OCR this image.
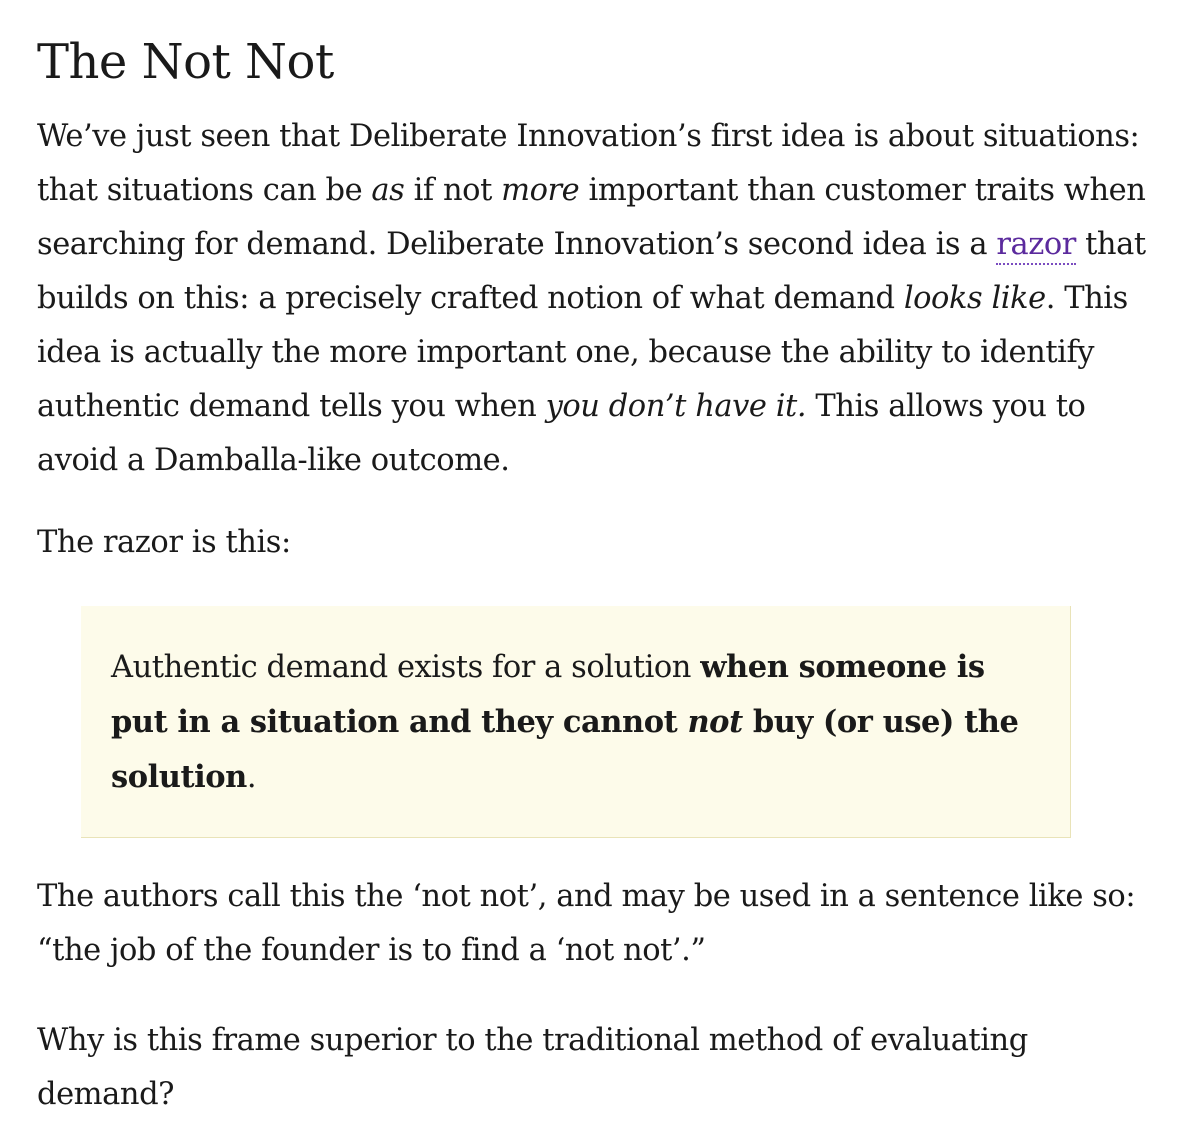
The Not Not

We’ve just seen that Deliberate Innovation’s first idea is about situations: that situations can be as if not more important than customer traits when searching for demand. Deliberate Innovation’s second idea is a razor that builds on this: a precisely crafted notion of what demand looks like. This idea is actually the more important one, because the ability to identify authentic demand tells you when you don’t have it. This allows you to avoid a Damballa-like outcome.

The razor is this:

Authentic demand exists for a solution when someone is put in a situation and they cannot not buy (or use) the solution.

The authors call this the ‘not not’, and may be used in a sentence like so: “the job of the founder is to find a ‘not not’.”

Why is this frame superior to the traditional method of evaluating demand?
